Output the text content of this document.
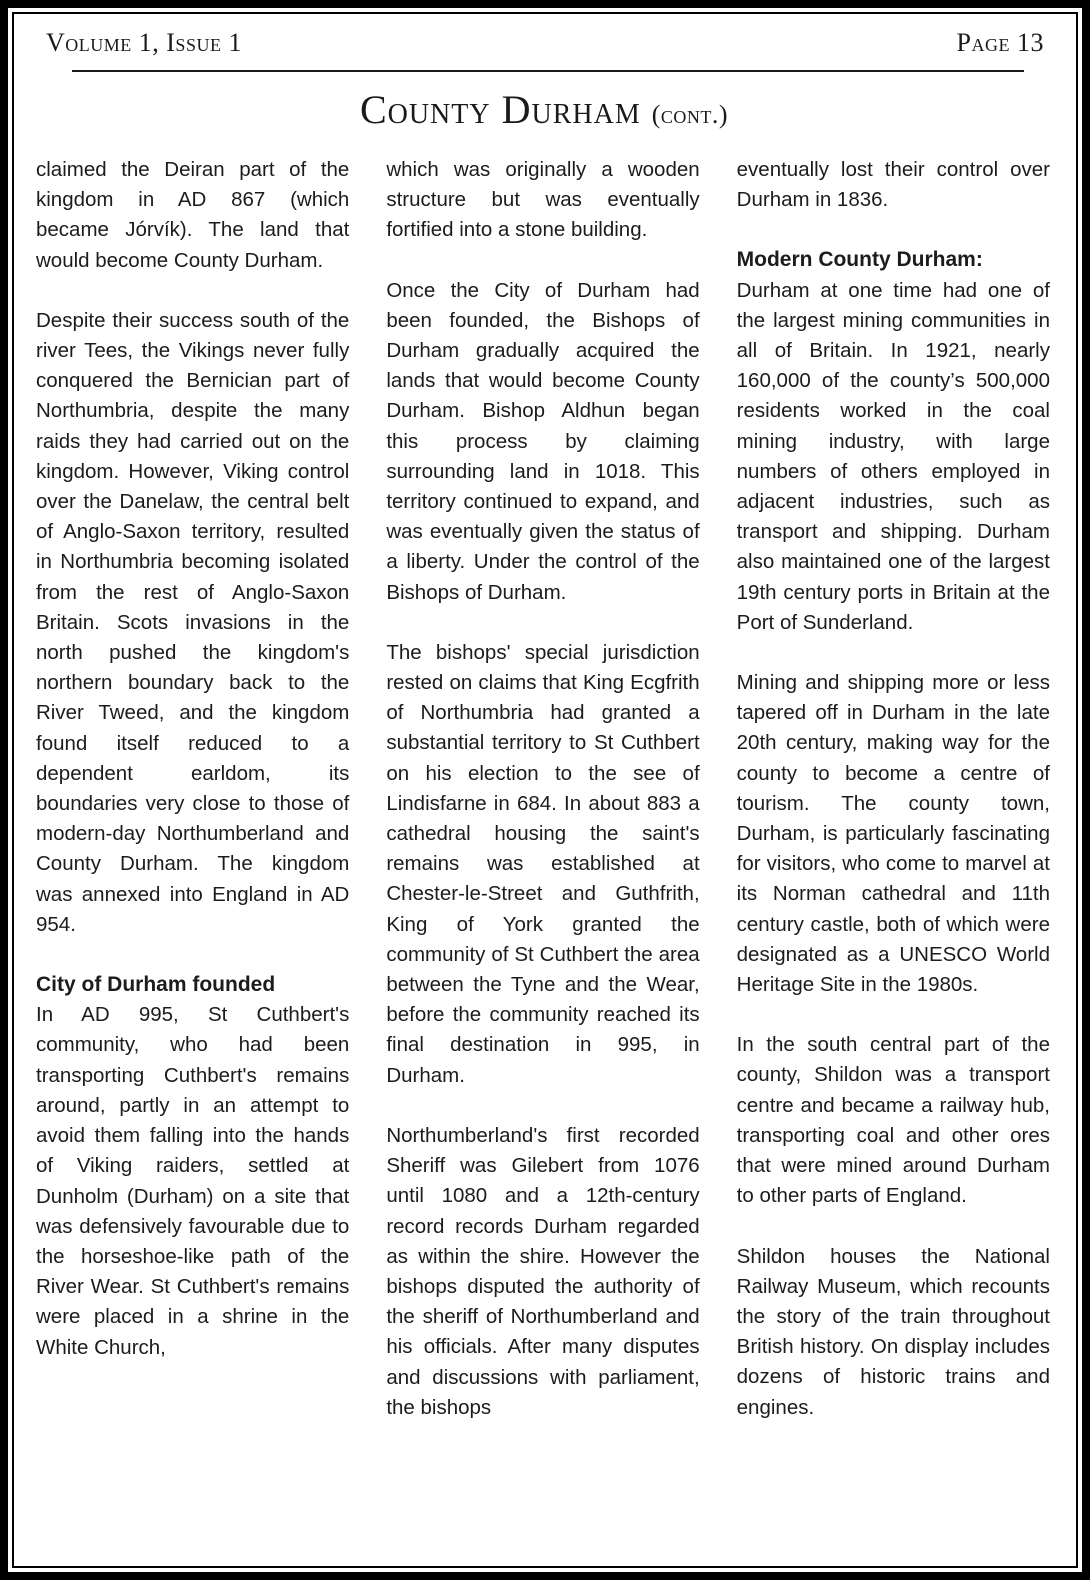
Volume 1, Issue 1	Page 13
County Durham (cont.)

claimed the Deiran part of the kingdom in AD 867 (which became Jórvík). The land that would become County Durham.

Despite their success south of the river Tees, the Vikings never fully conquered the Bernician part of Northumbria, despite the many raids they had carried out on the kingdom. However, Viking control over the Danelaw, the central belt of Anglo-Saxon territory, resulted in Northumbria becoming isolated from the rest of Anglo-Saxon Britain. Scots invasions in the north pushed the kingdom's northern boundary back to the River Tweed, and the kingdom found itself reduced to a dependent earldom, its boundaries very close to those of modern-day Northumberland and County Durham. The kingdom was annexed into England in AD 954.

City of Durham founded

In AD 995, St Cuthbert's community, who had been transporting Cuthbert's remains around, partly in an attempt to avoid them falling into the hands of Viking raiders, settled at Dunholm (Durham) on a site that was defensively favourable due to the horseshoe-like path of the River Wear. St Cuthbert's remains were placed in a shrine in the White Church,

which was originally a wooden structure but was eventually fortified into a stone building.

Once the City of Durham had been founded, the Bishops of Durham gradually acquired the lands that would become County Durham. Bishop Aldhun began this process by claiming surrounding land in 1018. This territory continued to expand, and was eventually given the status of a liberty. Under the control of the Bishops of Durham.

The bishops' special jurisdiction rested on claims that King Ecgfrith of Northumbria had granted a substantial territory to St Cuthbert on his election to the see of Lindisfarne in 684. In about 883 a cathedral housing the saint's remains was established at Chester-le-Street and Guthfrith, King of York granted the community of St Cuthbert the area between the Tyne and the Wear, before the community reached its final destination in 995, in Durham.

Northumberland's first recorded Sheriff was Gilebert from 1076 until 1080 and a 12th-century record records Durham regarded as within the shire. However the bishops disputed the authority of the sheriff of Northumberland and his officials. After many disputes and discussions with parliament, the bishops

eventually lost their control over Durham in 1836.

Modern County Durham:

Durham at one time had one of the largest mining communities in all of Britain. In 1921, nearly 160,000 of the county’s 500,000 residents worked in the coal mining industry, with large numbers of others employed in adjacent industries, such as transport and shipping. Durham also maintained one of the largest 19th century ports in Britain at the Port of Sunderland.

Mining and shipping more or less tapered off in Durham in the late 20th century, making way for the county to become a centre of tourism. The county town, Durham, is particularly fascinating for visitors, who come to marvel at its Norman cathedral and 11th century castle, both of which were designated as a UNESCO World Heritage Site in the 1980s.

In the south central part of the county, Shildon was a transport centre and became a railway hub, transporting coal and other ores that were mined around Durham to other parts of England.

Shildon houses the National Railway Museum, which recounts the story of the train throughout British history. On display includes dozens of historic trains and engines.
